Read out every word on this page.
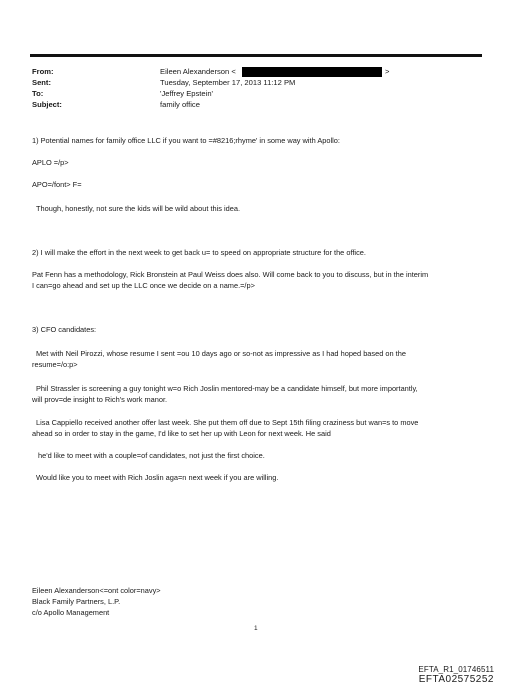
From:	Eileen Alexanderson <	>
Sent:	Tuesday, September 17, 2013 11:12 PM
To:	'Jeffrey Epstein'
Subject:	family office
1) Potential names for family office LLC if you want to =#8216;rhyme' in some way with Apollo:
APLO =/p>
APO=/font> F=
Though, honestly, not sure the kids will be wild about this idea.
2) I will make the effort in the next week to get back u= to speed on appropriate structure for the office.
Pat Fenn has a methodology, Rick Bronstein at Paul Weiss does also. Will come back to you to discuss, but in the interim
I can=go ahead and set up the LLC once we decide on a name.=/p>
3) CFO candidates:
Met with Neil Pirozzi, whose resume I sent =ou 10 days ago or so-not as impressive as I had hoped based on the
resume=/o:p>
Phil Strassler is screening a guy tonight w=o Rich Joslin mentored-may be a candidate himself, but more importantly,
will prov=de insight to Rich's work manor.
Lisa Cappiello received another offer last week. She put them off due to Sept 15th filing craziness but wan=s to move
ahead so in order to stay in the game, I'd like to set her up with Leon for next week. He said
he'd like to meet with a couple=of candidates, not just the first choice.
Would like you to meet with Rich Joslin aga=n next week if you are willing.
Eileen Alexanderson<=ont color=navy>
Black Family Partners, L.P.
c/o Apollo Management
1
EFTA_R1_01746511
EFTA02575252
